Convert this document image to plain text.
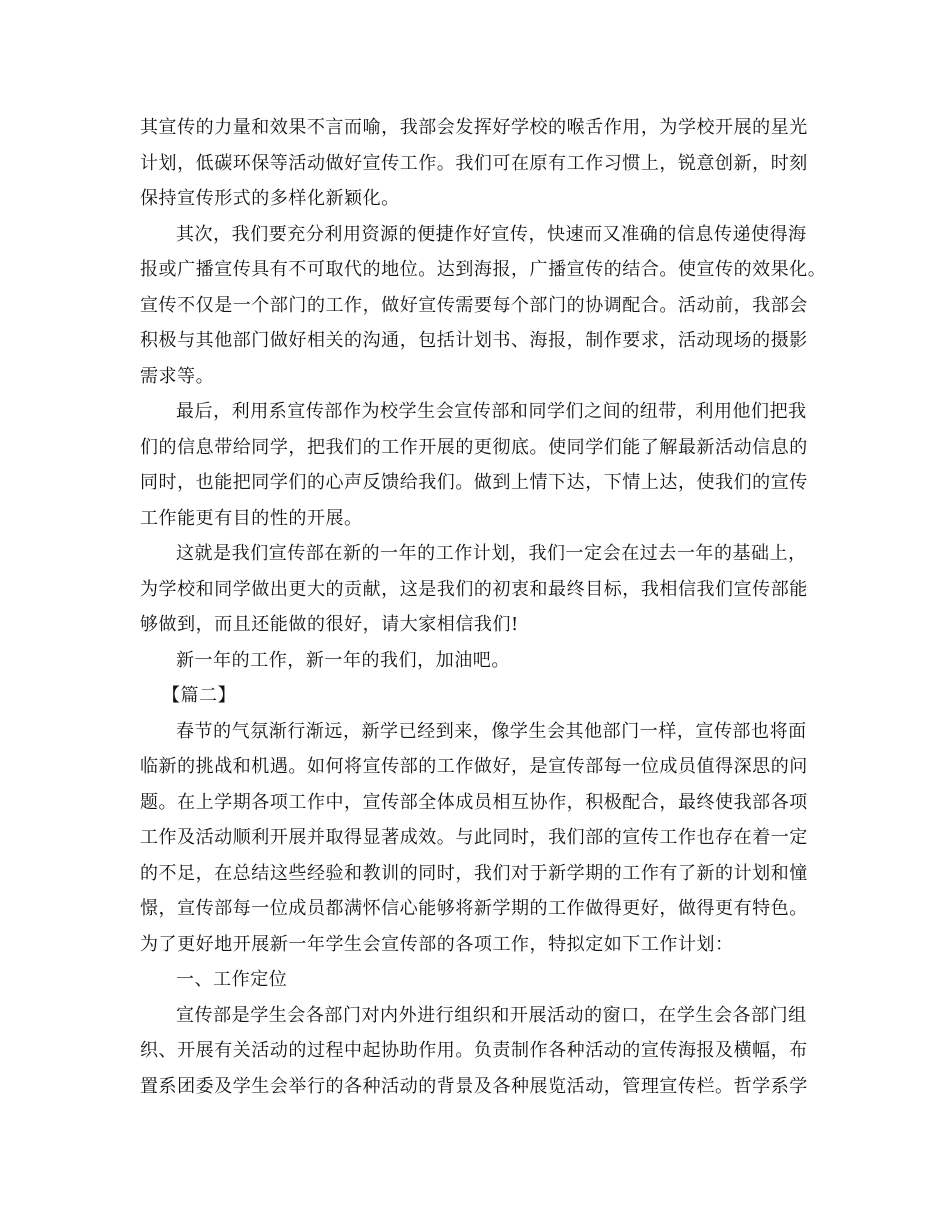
其宣传的力量和效果不言而喻，我部会发挥好学校的喉舌作用，为学校开展的星光
计划，低碳环保等活动做好宣传工作。我们可在原有工作习惯上，锐意创新，时刻
保持宣传形式的多样化新颖化。
其次，我们要充分利用资源的便捷作好宣传，快速而又准确的信息传递使得海
报或广播宣传具有不可取代的地位。达到海报，广播宣传的结合。使宣传的效果化。
宣传不仅是一个部门的工作，做好宣传需要每个部门的协调配合。活动前，我部会
积极与其他部门做好相关的沟通，包括计划书、海报，制作要求，活动现场的摄影
需求等。
最后，利用系宣传部作为校学生会宣传部和同学们之间的纽带，利用他们把我
们的信息带给同学，把我们的工作开展的更彻底。使同学们能了解最新活动信息的
同时，也能把同学们的心声反馈给我们。做到上情下达，下情上达，使我们的宣传
工作能更有目的性的开展。
这就是我们宣传部在新的一年的工作计划，我们一定会在过去一年的基础上，
为学校和同学做出更大的贡献，这是我们的初衷和最终目标，我相信我们宣传部能
够做到，而且还能做的很好，请大家相信我们!
新一年的工作，新一年的我们，加油吧。
【篇二】
春节的气氛渐行渐远，新学已经到来，像学生会其他部门一样，宣传部也将面
临新的挑战和机遇。如何将宣传部的工作做好，是宣传部每一位成员值得深思的问
题。在上学期各项工作中，宣传部全体成员相互协作，积极配合，最终使我部各项
工作及活动顺利开展并取得显著成效。与此同时，我们部的宣传工作也存在着一定
的不足，在总结这些经验和教训的同时，我们对于新学期的工作有了新的计划和憧
憬，宣传部每一位成员都满怀信心能够将新学期的工作做得更好，做得更有特色。
为了更好地开展新一年学生会宣传部的各项工作，特拟定如下工作计划：
一、工作定位
宣传部是学生会各部门对内外进行组织和开展活动的窗口，在学生会各部门组
织、开展有关活动的过程中起协助作用。负责制作各种活动的宣传海报及横幅，布
置系团委及学生会举行的各种活动的背景及各种展览活动，管理宣传栏。哲学系学
